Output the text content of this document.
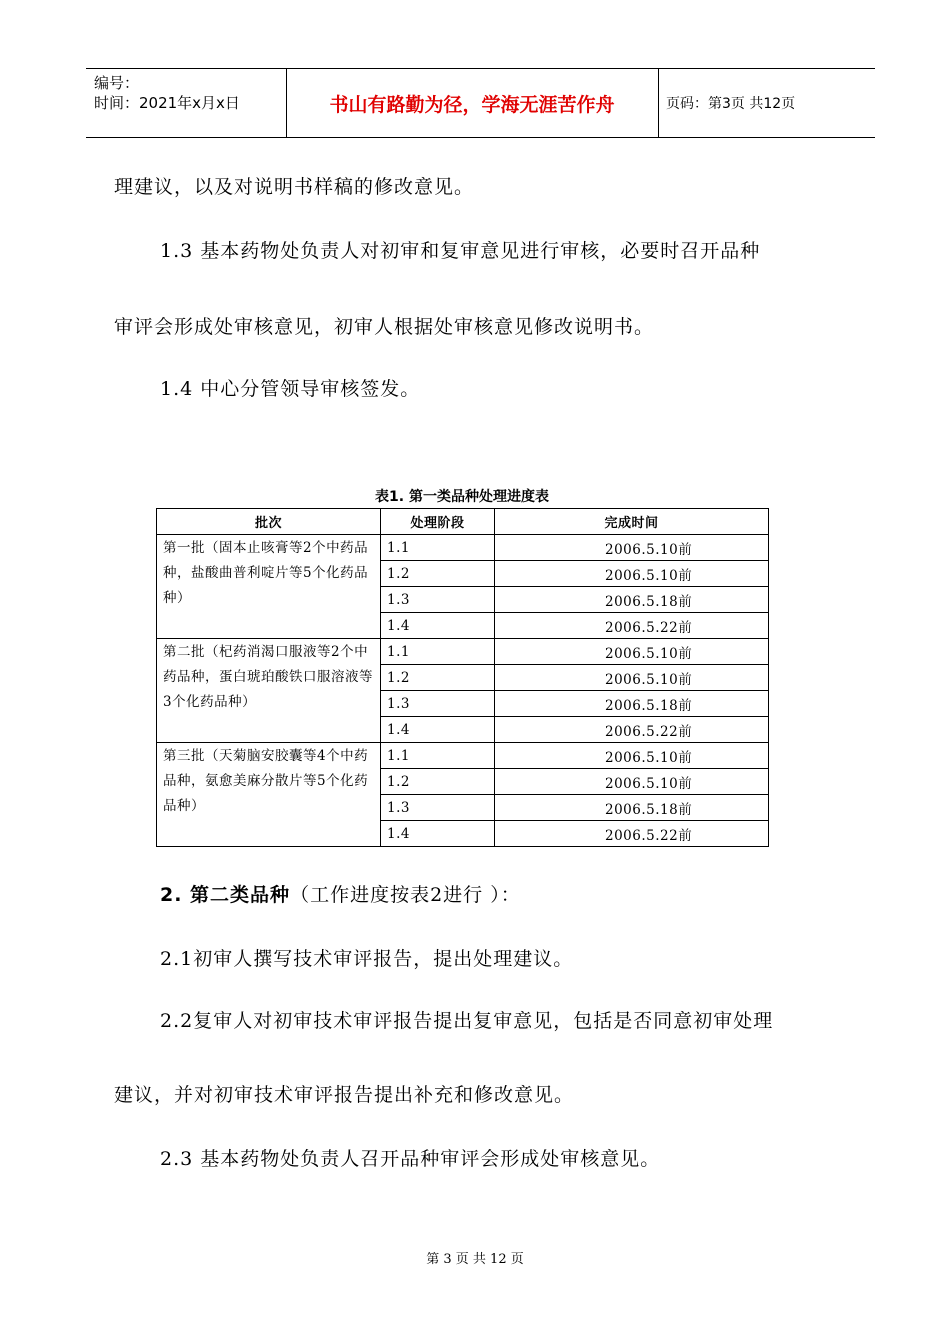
编号：
时间：2021年x月x日	书山有路勤为径，学海无涯苦作舟	页码：第3页 共12页
理建议，以及对说明书样稿的修改意见。
1.3 基本药物处负责人对初审和复审意见进行审核，必要时召开品种
审评会形成处审核意见，初审人根据处审核意见修改说明书。
1.4 中心分管领导审核签发。
表1. 第一类品种处理进度表
批次	处理阶段	完成时间
第一批（固本止咳膏等2个中药品种，盐酸曲普利啶片等5个化药品种）	1.1	2006.5.10前
	1.2	2006.5.10前
	1.3	2006.5.18前
	1.4	2006.5.22前
第二批（杞药消渴口服液等2个中药品种，蛋白琥珀酸铁口服溶液等3个化药品种）	1.1	2006.5.10前
	1.2	2006.5.10前
	1.3	2006.5.18前
	1.4	2006.5.22前
第三批（天菊脑安胶囊等4个中药品种，氨愈美麻分散片等5个化药品种）	1.1	2006.5.10前
	1.2	2006.5.10前
	1.3	2006.5.18前
	1.4	2006.5.22前
2. 第二类品种（工作进度按表2进行 ）：
2.1初审人撰写技术审评报告，提出处理建议。
2.2复审人对初审技术审评报告提出复审意见，包括是否同意初审处理
建议，并对初审技术审评报告提出补充和修改意见。
2.3 基本药物处负责人召开品种审评会形成处审核意见。
第 3 页 共 12 页
